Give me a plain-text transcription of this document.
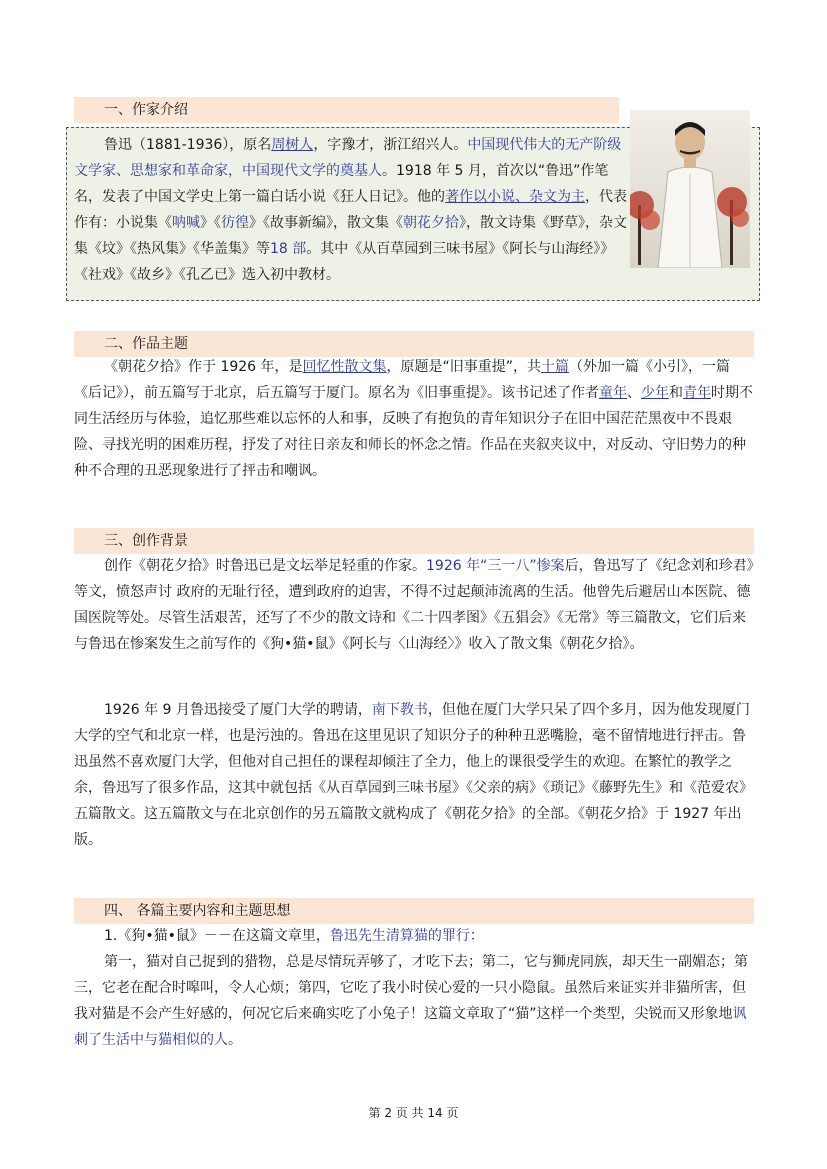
一、作家介绍
鲁迅（1881-1936），原名周树人，字豫才，浙江绍兴人。中国现代伟大的无产阶级文学家、思想家和革命家，中国现代文学的奠基人。1918 年 5 月，首次以“鲁迅”作笔名，发表了中国文学史上第一篇白话小说《狂人日记》。他的著作以小说、杂文为主，代表作有：小说集《呐喊》《彷徨》《故事新编》，散文集《朝花夕拾》，散文诗集《野草》，杂文集《坟》《热风集》《华盖集》等18 部。其中《从百草园到三味书屋》《阿长与山海经》》《社戏》《故乡》《孔乙已》选入初中教材。
二、作品主题
《朝花夕拾》作于 1926 年，是回忆性散文集，原题是“旧事重提”，共十篇（外加一篇《小引》，一篇《后记》），前五篇写于北京，后五篇写于厦门。原名为《旧事重提》。该书记述了作者童年、少年和青年时期不同生活经历与体验，追忆那些难以忘怀的人和事，反映了有抱负的青年知识分子在旧中国茫茫黑夜中不畏艰险、寻找光明的困难历程，抒发了对往日亲友和师长的怀念之情。作品在夹叙夹议中，对反动、守旧势力的种种不合理的丑恶现象进行了抨击和嘲讽。
三、创作背景
创作《朝花夕拾》时鲁迅已是文坛举足轻重的作家。1926 年“三一八”惨案后，鲁迅写了《纪念刘和珍君》等文，愤怒声讨 政府的无耻行径，遭到政府的迫害，不得不过起颠沛流离的生活。他曾先后避居山本医院、德国医院等处。尽管生活艰苦，还写了不少的散文诗和《二十四孝图》《五猖会》《无常》等三篇散文，它们后来与鲁迅在惨案发生之前写作的《狗•猫•鼠》《阿长与〈山海经〉》收入了散文集《朝花夕拾》。
1926 年 9 月鲁迅接受了厦门大学的聘请，南下教书，但他在厦门大学只呆了四个多月，因为他发现厦门大学的空气和北京一样，也是污浊的。鲁迅在这里见识了知识分子的种种丑恶嘴脸，毫不留情地进行抨击。鲁迅虽然不喜欢厦门大学，但他对自己担任的课程却倾注了全力，他上的课很受学生的欢迎。在繁忙的教学之余，鲁迅写了很多作品，这其中就包括《从百草园到三味书屋》《父亲的病》《琐记》《藤野先生》和《范爱农》五篇散文。这五篇散文与在北京创作的另五篇散文就构成了《朝花夕拾》的全部。《朝花夕拾》于 1927 年出版。
四、 各篇主要内容和主题思想
1.《狗•猫•鼠》－－在这篇文章里，鲁迅先生清算猫的罪行：
第一，猫对自己捉到的猎物，总是尽情玩弄够了，才吃下去；第二，它与狮虎同族，却天生一副媚态；第三，它老在配合时嗥叫，令人心烦；第四，它吃了我小时侯心爱的一只小隐鼠。虽然后来证实并非猫所害，但我对猫是不会产生好感的，何况它后来确实吃了小兔子！这篇文章取了“猫”这样一个类型，尖锐而又形象地讽刺了生活中与猫相似的人。
第 2 页 共 14 页
